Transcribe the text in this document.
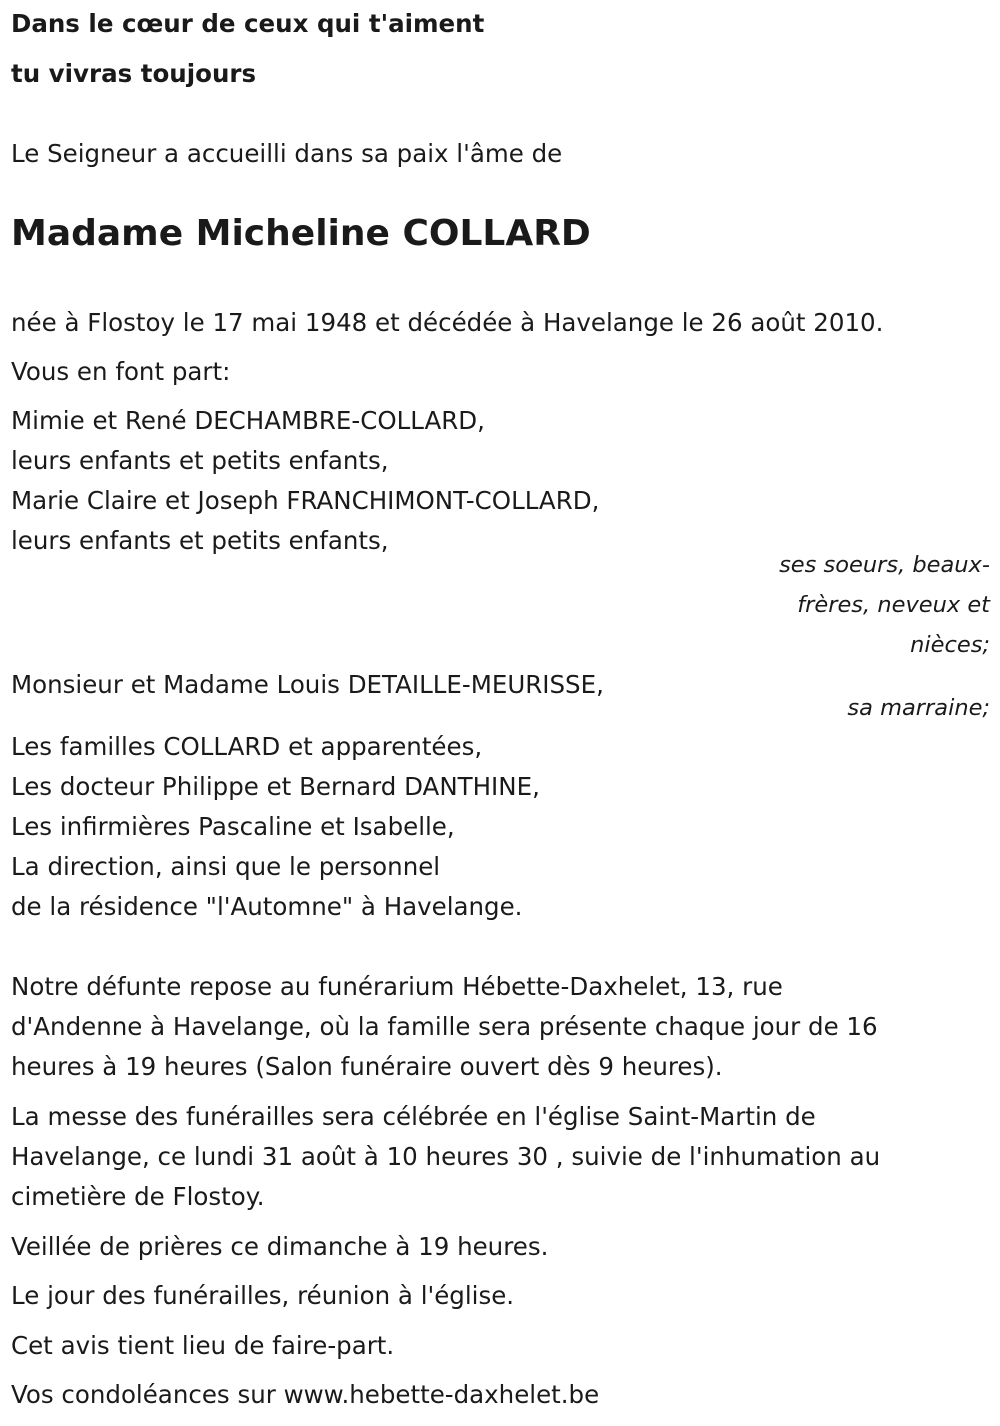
Dans le cœur de ceux qui t'aiment
tu vivras toujours
Le Seigneur a accueilli dans sa paix l'âme de
Madame Micheline COLLARD
née à Flostoy le 17 mai 1948 et décédée à Havelange le 26 août 2010.
Vous en font part:
Mimie et René DECHAMBRE-COLLARD,
leurs enfants et petits enfants,
Marie Claire et Joseph FRANCHIMONT-COLLARD,
leurs enfants et petits enfants,
ses soeurs, beaux-
frères, neveux et
nièces;
Monsieur et Madame Louis DETAILLE-MEURISSE,
sa marraine;
Les familles COLLARD et apparentées,
Les docteur Philippe et Bernard DANTHINE,
Les infirmières Pascaline et Isabelle,
La direction, ainsi que le personnel
de la résidence "l'Automne" à Havelange.
Notre défunte repose au funérarium Hébette-Daxhelet, 13, rue
d'Andenne à Havelange, où la famille sera présente chaque jour de 16
heures à 19 heures (Salon funéraire ouvert dès 9 heures).
La messe des funérailles sera célébrée en l'église Saint-Martin de
Havelange, ce lundi 31 août à 10 heures 30 , suivie de l'inhumation au
cimetière de Flostoy.
Veillée de prières ce dimanche à 19 heures.
Le jour des funérailles, réunion à l'église.
Cet avis tient lieu de faire-part.
Vos condoléances sur www.hebette-daxhelet.be
